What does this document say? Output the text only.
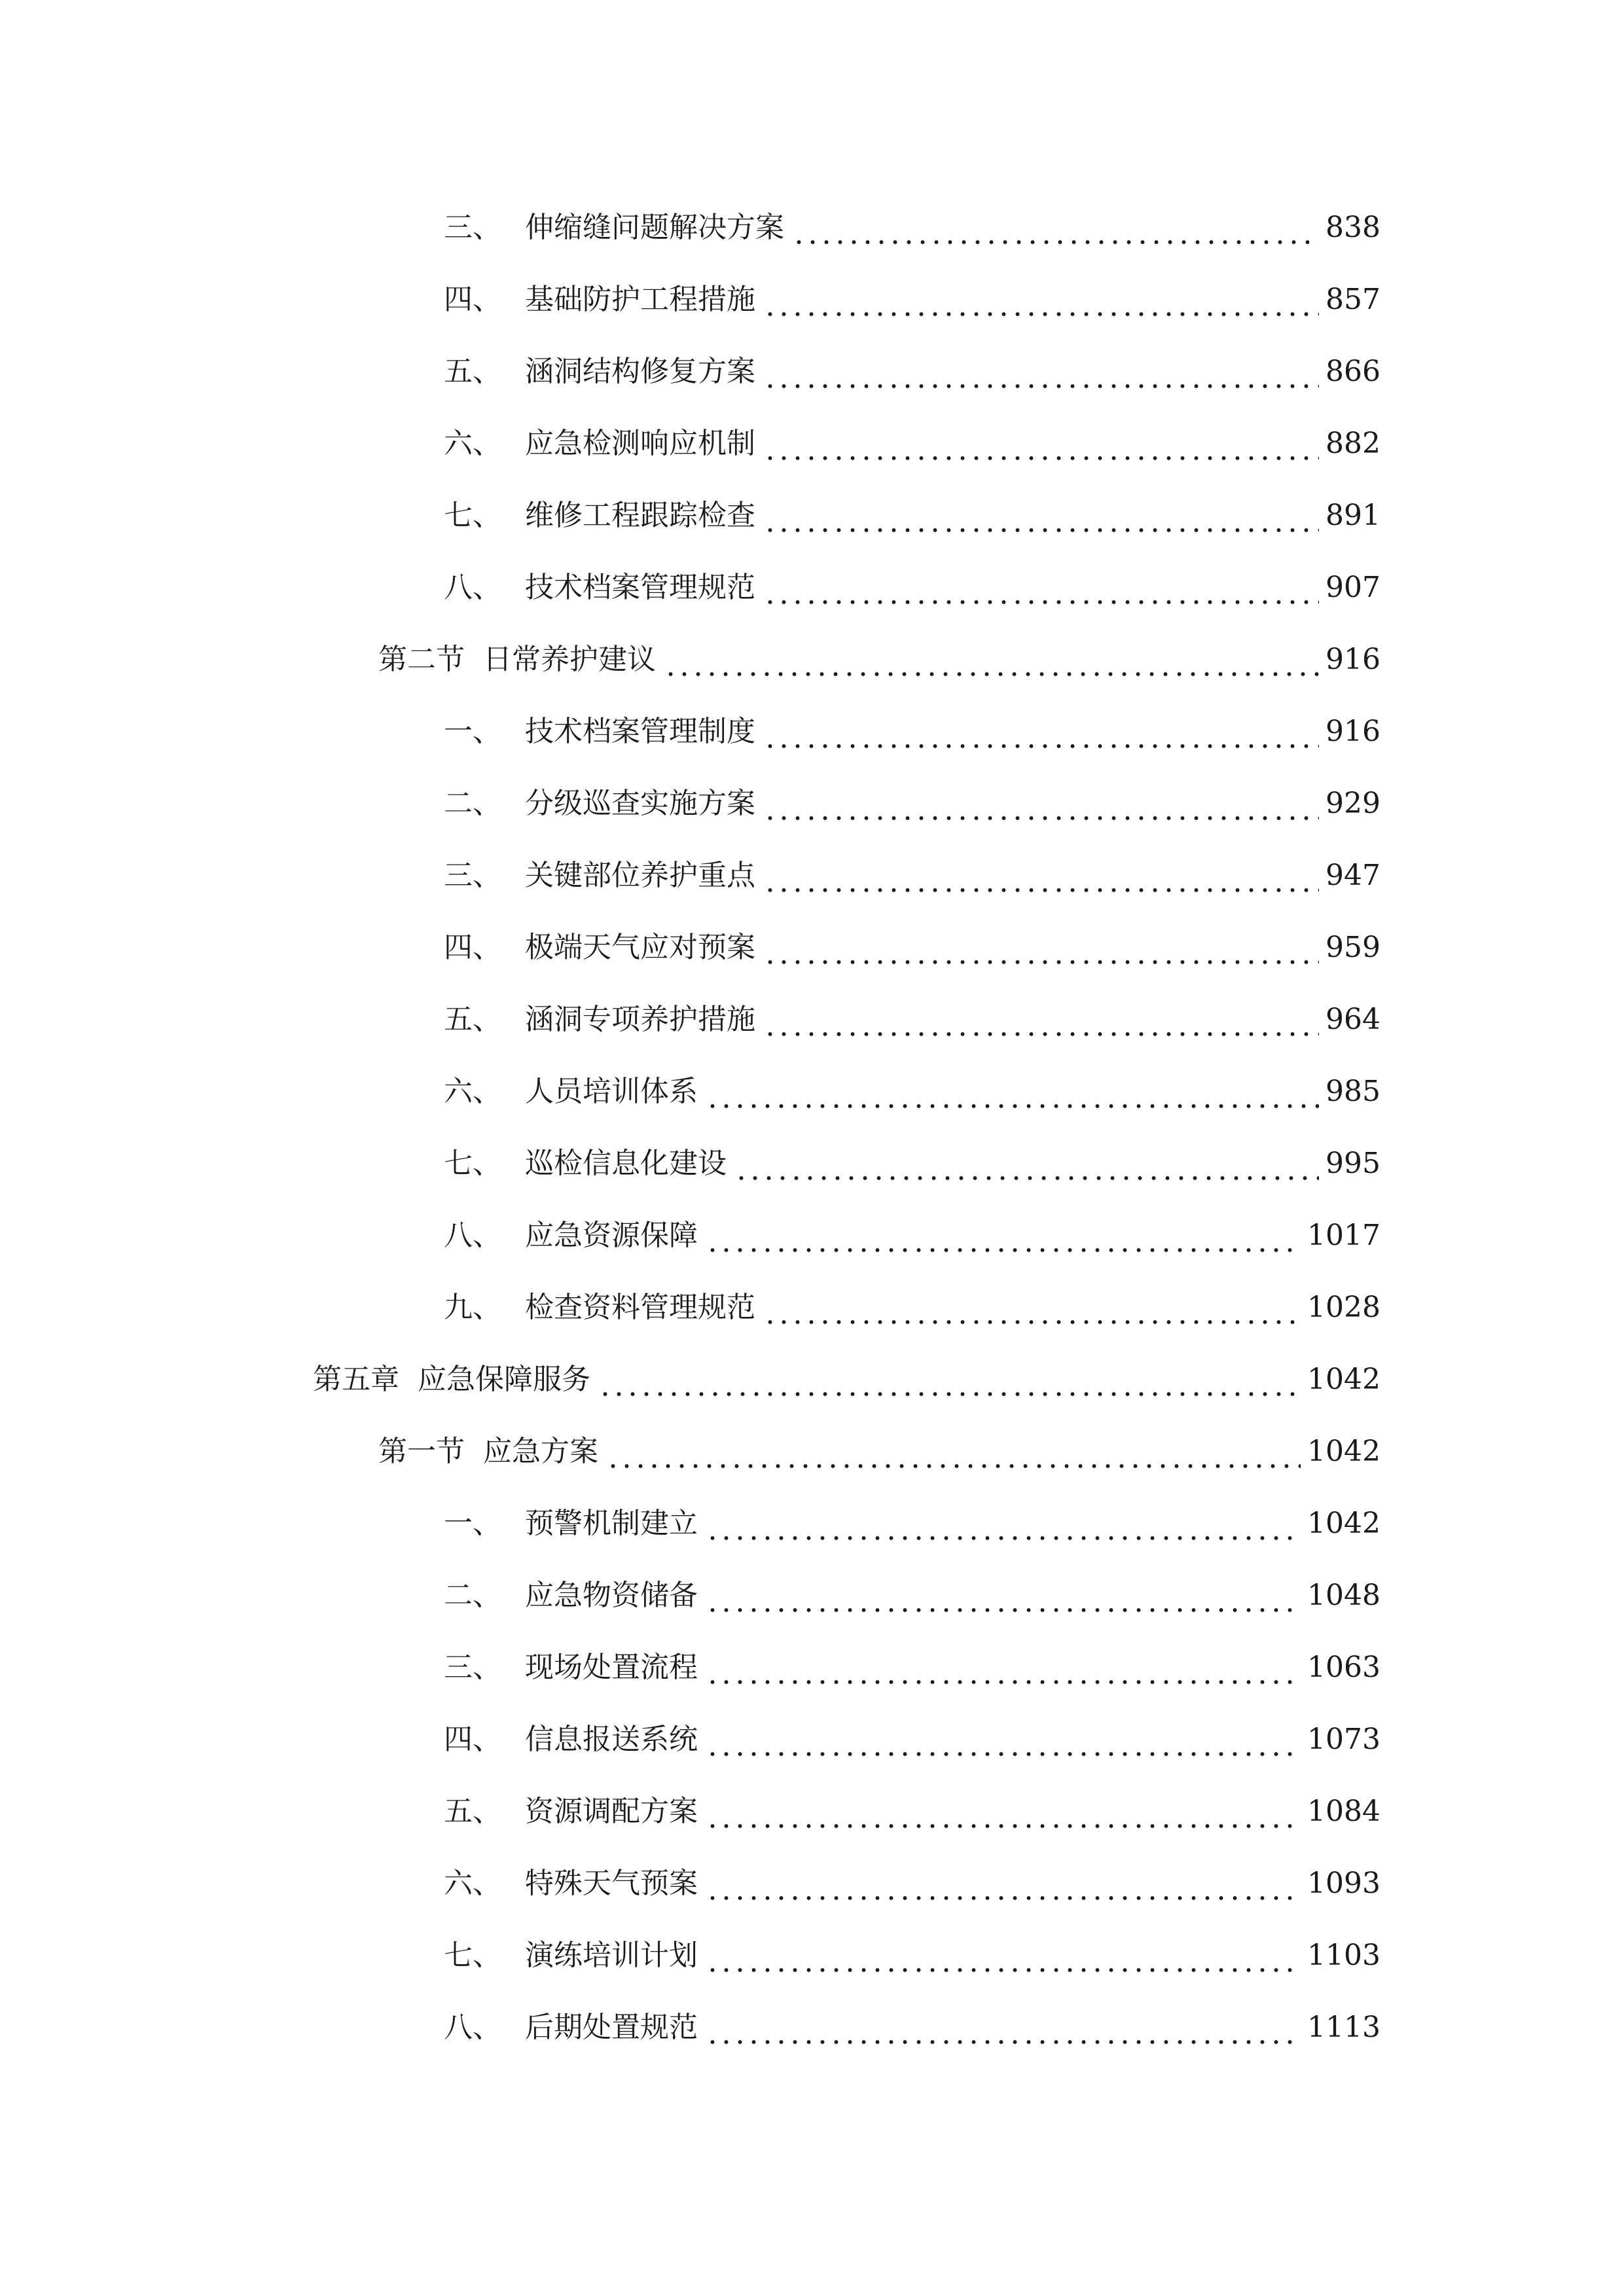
三、 伸缩缝问题解决方案	838
四、 基础防护工程措施	857
五、 涵洞结构修复方案	866
六、 应急检测响应机制	882
七、 维修工程跟踪检查	891
八、 技术档案管理规范	907
第二节 日常养护建议	916
一、 技术档案管理制度	916
二、 分级巡查实施方案	929
三、 关键部位养护重点	947
四、 极端天气应对预案	959
五、 涵洞专项养护措施	964
六、 人员培训体系	985
七、 巡检信息化建设	995
八、 应急资源保障	1017
九、 检查资料管理规范	1028
第五章 应急保障服务	1042
第一节 应急方案	1042
一、 预警机制建立	1042
二、 应急物资储备	1048
三、 现场处置流程	1063
四、 信息报送系统	1073
五、 资源调配方案	1084
六、 特殊天气预案	1093
七、 演练培训计划	1103
八、 后期处置规范	1113
